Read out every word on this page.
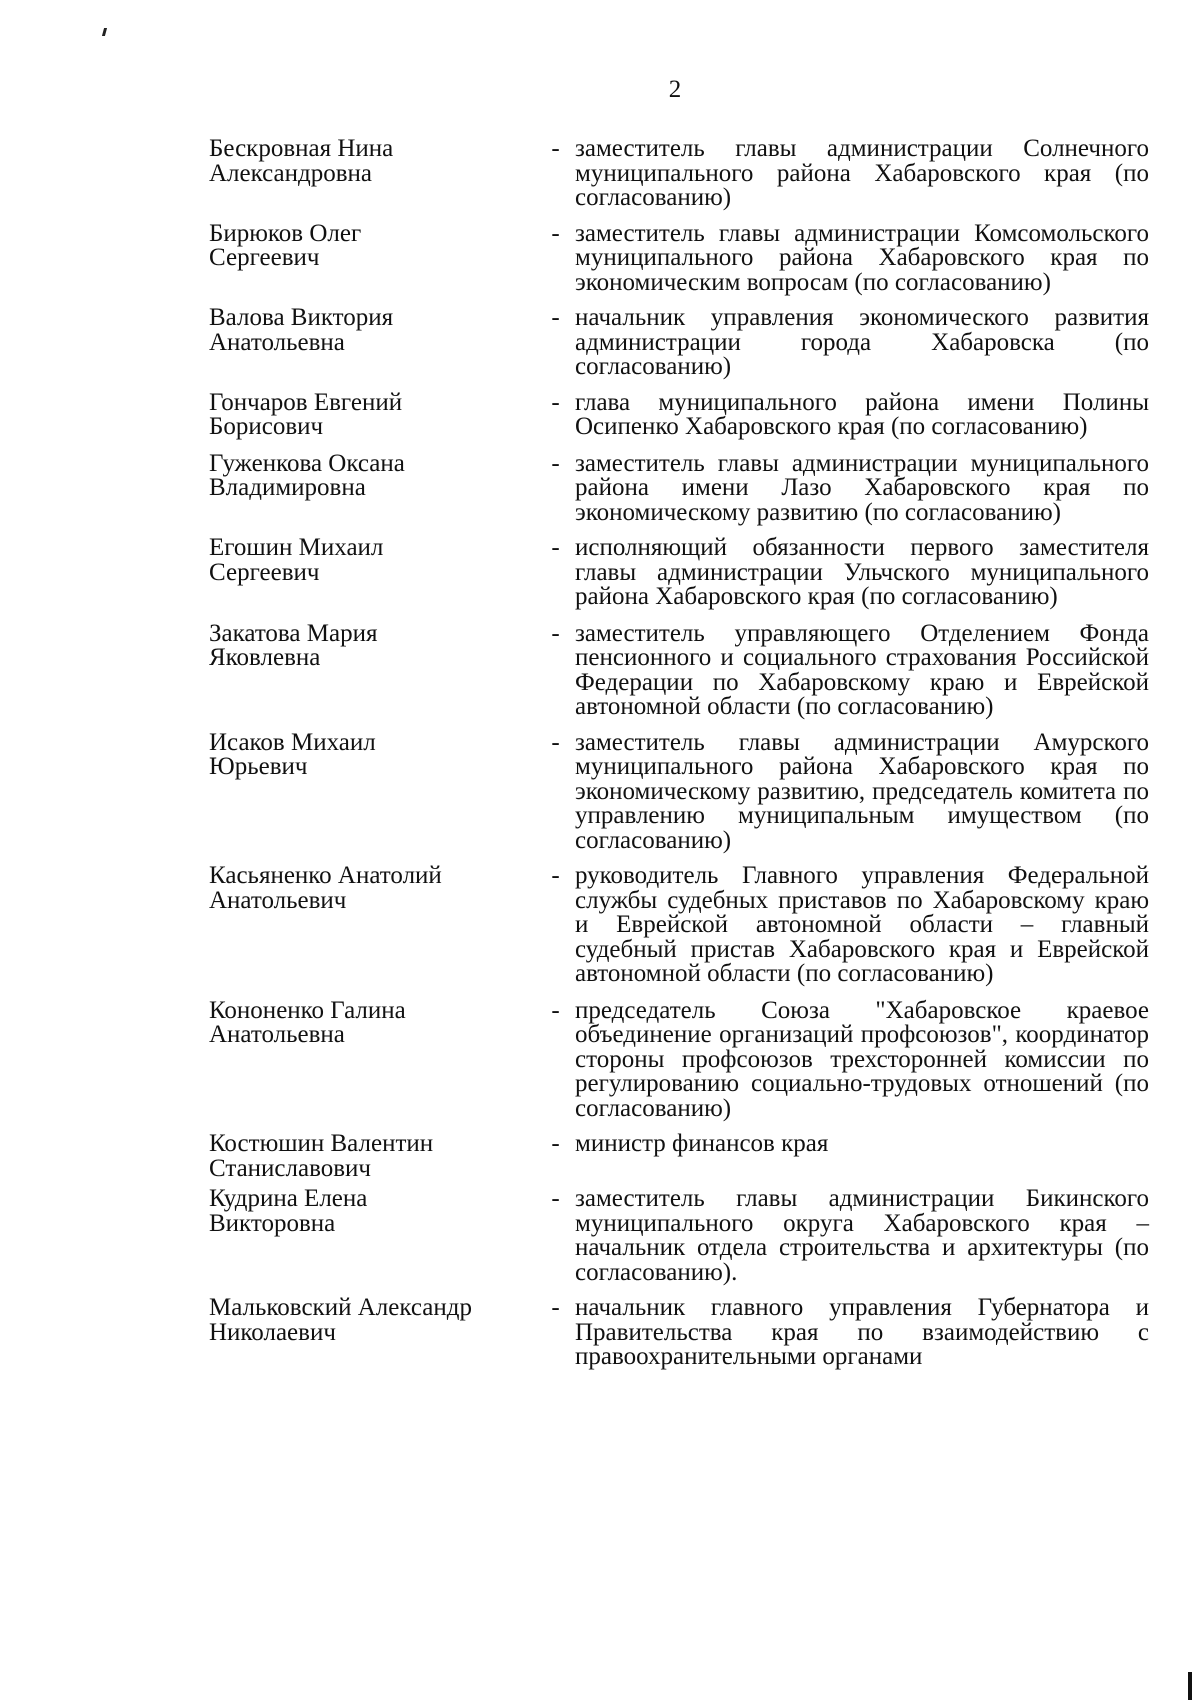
2
Бескровная Нина
Александровна
- заместитель главы администрации Солнечного муниципального района Хабаровского края (по согласованию)
Бирюков Олег
Сергеевич
- заместитель главы администрации Комсомольского муниципального района Хабаровского края по экономическим вопросам (по согласованию)
Валова Виктория
Анатольевна
- начальник управления экономического развития администрации города Хабаровска (по согласованию)
Гончаров Евгений
Борисович
- глава муниципального района имени Полины Осипенко Хабаровского края (по согласованию)
Гуженкова Оксана
Владимировна
- заместитель главы администрации муниципального района имени Лазо Хабаровского края по экономическому развитию (по согласованию)
Егошин Михаил
Сергеевич
- исполняющий обязанности первого заместителя главы администрации Ульчского муниципального района Хабаровского края (по согласованию)
Закатова Мария
Яковлевна
- заместитель управляющего Отделением Фонда пенсионного и социального страхования Российской Федерации по Хабаровскому краю и Еврейской автономной области (по согласованию)
Исаков Михаил
Юрьевич
- заместитель главы администрации Амурского муниципального района Хабаровского края по экономическому развитию, председатель комитета по управлению муниципальным имуществом (по согласованию)
Касьяненко Анатолий
Анатольевич
- руководитель Главного управления Федеральной службы судебных приставов по Хабаровскому краю и Еврейской автономной области – главный судебный пристав Хабаровского края и Еврейской автономной области (по согласованию)
Кононенко Галина
Анатольевна
- председатель Союза "Хабаровское краевое объединение организаций профсоюзов", координатор стороны профсоюзов трехсторонней комиссии по регулированию социально-трудовых отношений (по согласованию)
Костюшин Валентин
Станиславович
- министр финансов края
Кудрина Елена
Викторовна
- заместитель главы администрации Бикинского муниципального округа Хабаровского края – начальник отдела строительства и архитектуры (по согласованию).
Мальковский Александр
Николаевич
- начальник главного управления Губернатора и Правительства края по взаимодействию с правоохранительными органами
